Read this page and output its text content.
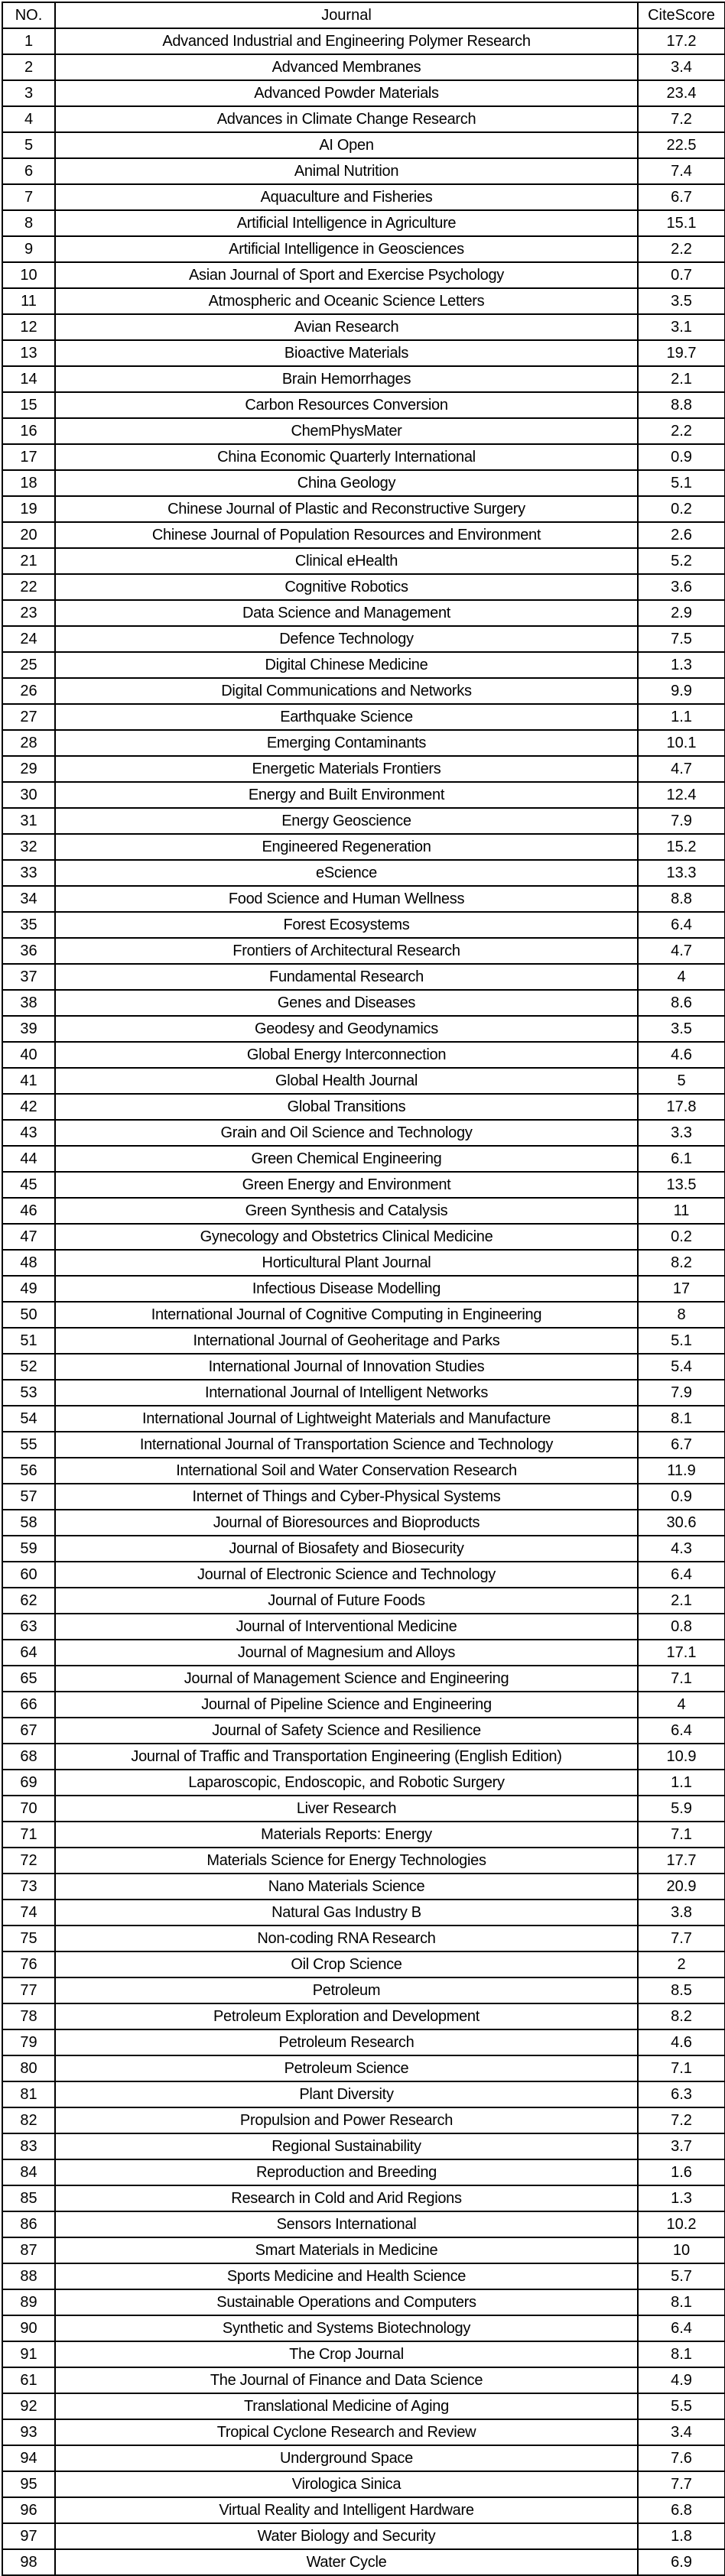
NO.	Journal	CiteScore
1	Advanced Industrial and Engineering Polymer Research	17.2
2	Advanced Membranes	3.4
3	Advanced Powder Materials	23.4
4	Advances in Climate Change Research	7.2
5	AI Open	22.5
6	Animal Nutrition	7.4
7	Aquaculture and Fisheries	6.7
8	Artificial Intelligence in Agriculture	15.1
9	Artificial Intelligence in Geosciences	2.2
10	Asian Journal of Sport and Exercise Psychology	0.7
11	Atmospheric and Oceanic Science Letters	3.5
12	Avian Research	3.1
13	Bioactive Materials	19.7
14	Brain Hemorrhages	2.1
15	Carbon Resources Conversion	8.8
16	ChemPhysMater	2.2
17	China Economic Quarterly International	0.9
18	China Geology	5.1
19	Chinese Journal of Plastic and Reconstructive Surgery	0.2
20	Chinese Journal of Population Resources and Environment	2.6
21	Clinical eHealth	5.2
22	Cognitive Robotics	3.6
23	Data Science and Management	2.9
24	Defence Technology	7.5
25	Digital Chinese Medicine	1.3
26	Digital Communications and Networks	9.9
27	Earthquake Science	1.1
28	Emerging Contaminants	10.1
29	Energetic Materials Frontiers	4.7
30	Energy and Built Environment	12.4
31	Energy Geoscience	7.9
32	Engineered Regeneration	15.2
33	eScience	13.3
34	Food Science and Human Wellness	8.8
35	Forest Ecosystems	6.4
36	Frontiers of Architectural Research	4.7
37	Fundamental Research	4
38	Genes and Diseases	8.6
39	Geodesy and Geodynamics	3.5
40	Global Energy Interconnection	4.6
41	Global Health Journal	5
42	Global Transitions	17.8
43	Grain and Oil Science and Technology	3.3
44	Green Chemical Engineering	6.1
45	Green Energy and Environment	13.5
46	Green Synthesis and Catalysis	11
47	Gynecology and Obstetrics Clinical Medicine	0.2
48	Horticultural Plant Journal	8.2
49	Infectious Disease Modelling	17
50	International Journal of Cognitive Computing in Engineering	8
51	International Journal of Geoheritage and Parks	5.1
52	International Journal of Innovation Studies	5.4
53	International Journal of Intelligent Networks	7.9
54	International Journal of Lightweight Materials and Manufacture	8.1
55	International Journal of Transportation Science and Technology	6.7
56	International Soil and Water Conservation Research	11.9
57	Internet of Things and Cyber-Physical Systems	0.9
58	Journal of Bioresources and Bioproducts	30.6
59	Journal of Biosafety and Biosecurity	4.3
60	Journal of Electronic Science and Technology	6.4
62	Journal of Future Foods	2.1
63	Journal of Interventional Medicine	0.8
64	Journal of Magnesium and Alloys	17.1
65	Journal of Management Science and Engineering	7.1
66	Journal of Pipeline Science and Engineering	4
67	Journal of Safety Science and Resilience	6.4
68	Journal of Traffic and Transportation Engineering (English Edition)	10.9
69	Laparoscopic, Endoscopic, and Robotic Surgery	1.1
70	Liver Research	5.9
71	Materials Reports: Energy	7.1
72	Materials Science for Energy Technologies	17.7
73	Nano Materials Science	20.9
74	Natural Gas Industry B	3.8
75	Non-coding RNA Research	7.7
76	Oil Crop Science	2
77	Petroleum	8.5
78	Petroleum Exploration and Development	8.2
79	Petroleum Research	4.6
80	Petroleum Science	7.1
81	Plant Diversity	6.3
82	Propulsion and Power Research	7.2
83	Regional Sustainability	3.7
84	Reproduction and Breeding	1.6
85	Research in Cold and Arid Regions	1.3
86	Sensors International	10.2
87	Smart Materials in Medicine	10
88	Sports Medicine and Health Science	5.7
89	Sustainable Operations and Computers	8.1
90	Synthetic and Systems Biotechnology	6.4
91	The Crop Journal	8.1
61	The Journal of Finance and Data Science	4.9
92	Translational Medicine of Aging	5.5
93	Tropical Cyclone Research and Review	3.4
94	Underground Space	7.6
95	Virologica Sinica	7.7
96	Virtual Reality and Intelligent Hardware	6.8
97	Water Biology and Security	1.8
98	Water Cycle	6.9
